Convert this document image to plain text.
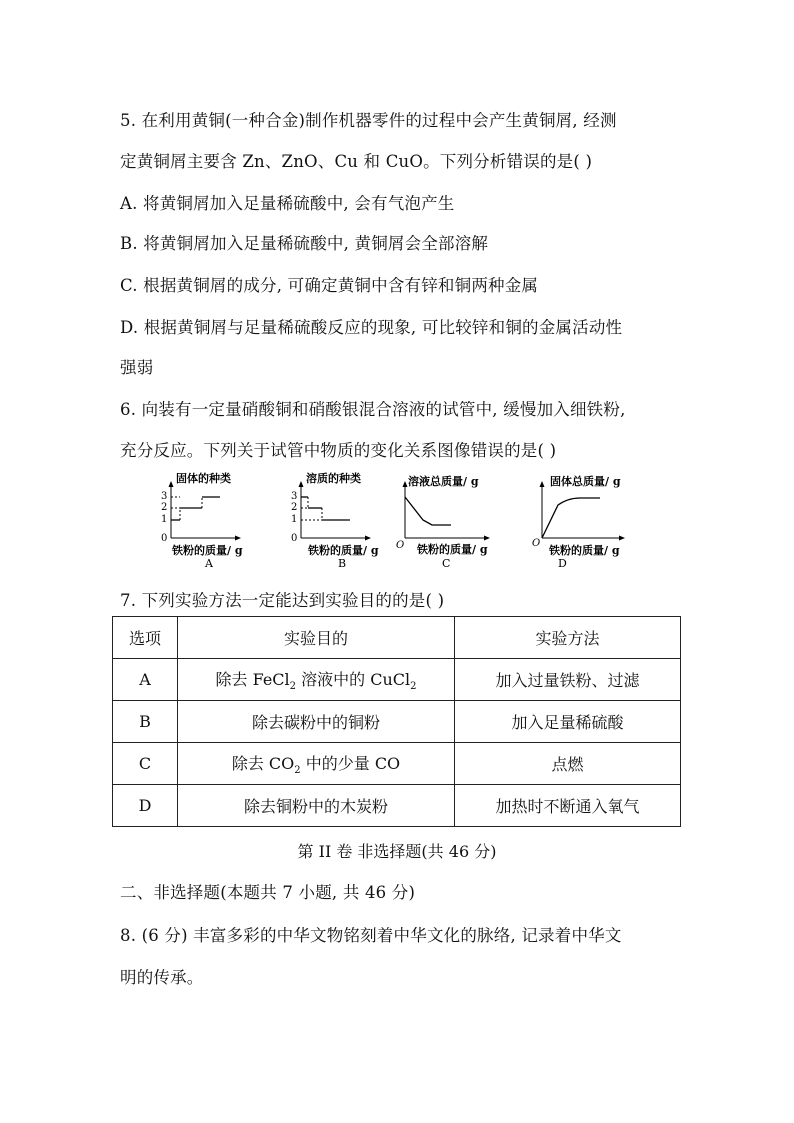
5. 在利用黄铜(一种合金)制作机器零件的过程中会产生黄铜屑, 经测
定黄铜屑主要含 Zn、ZnO、Cu 和 CuO。下列分析错误的是( )
A. 将黄铜屑加入足量稀硫酸中, 会有气泡产生
B. 将黄铜屑加入足量稀硫酸中, 黄铜屑会全部溶解
C. 根据黄铜屑的成分, 可确定黄铜中含有锌和铜两种金属
D. 根据黄铜屑与足量稀硫酸反应的现象, 可比较锌和铜的金属活动性
强弱
6. 向装有一定量硝酸铜和硝酸银混合溶液的试管中, 缓慢加入细铁粉,
充分反应。下列关于试管中物质的变化关系图像错误的是( )
固体的种类
3
2
1
0
铁粉的质量/ g
A
溶质的种类
3
2
1
0
铁粉的质量/ g
B
溶液总质量/ g
O 铁粉的质量/ g
C
固体总质量/ g
O
铁粉的质量/ g
D
7. 下列实验方法一定能达到实验目的的是( )
选项	实验目的	实验方法
A	除去 FeCl$_2$ 溶液中的 CuCl$_2$	加入过量铁粉、过滤
B	除去碳粉中的铜粉	加入足量稀硫酸
C	除去 $CO_2$ 中的少量 CO	点燃
D	除去铜粉中的木炭粉	加热时不断通入氧气
第 II 卷 非选择题(共 46 分)
二、非选择题(本题共 7 小题, 共 46 分)
8. (6 分) 丰富多彩的中华文物铭刻着中华文化的脉络, 记录着中华文
明的传承。
